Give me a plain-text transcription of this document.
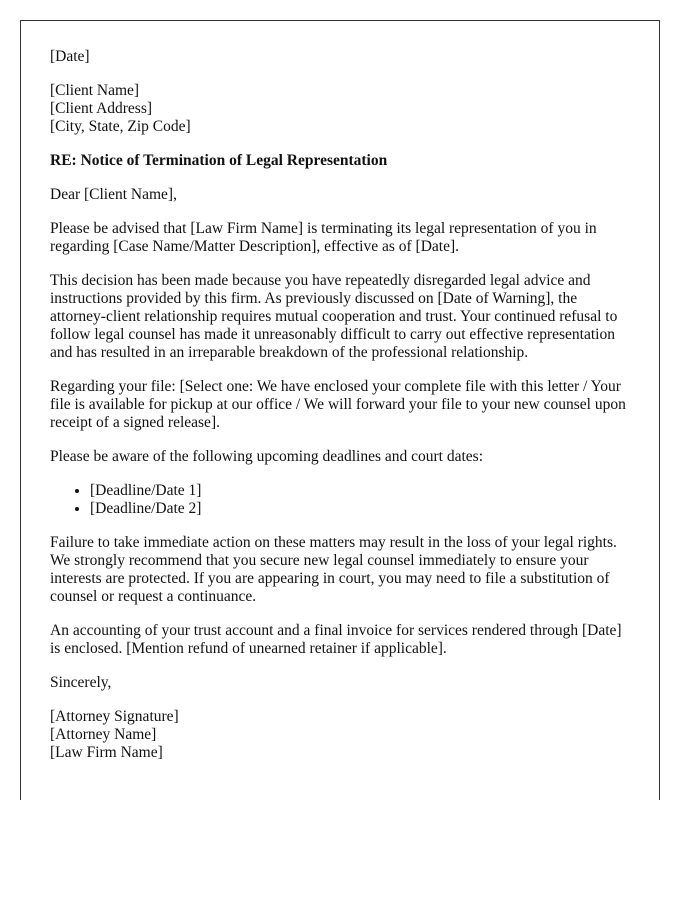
[Date]

[Client Name]
[Client Address]
[City, State, Zip Code]

RE: Notice of Termination of Legal Representation

Dear [Client Name],

Please be advised that [Law Firm Name] is terminating its legal representation of you in regarding [Case Name/Matter Description], effective as of [Date].

This decision has been made because you have repeatedly disregarded legal advice and instructions provided by this firm. As previously discussed on [Date of Warning], the attorney-client relationship requires mutual cooperation and trust. Your continued refusal to follow legal counsel has made it unreasonably difficult to carry out effective representation and has resulted in an irreparable breakdown of the professional relationship.

Regarding your file: [Select one: We have enclosed your complete file with this letter / Your file is available for pickup at our office / We will forward your file to your new counsel upon receipt of a signed release].

Please be aware of the following upcoming deadlines and court dates:

• [Deadline/Date 1]
• [Deadline/Date 2]

Failure to take immediate action on these matters may result in the loss of your legal rights. We strongly recommend that you secure new legal counsel immediately to ensure your interests are protected. If you are appearing in court, you may need to file a substitution of counsel or request a continuance.

An accounting of your trust account and a final invoice for services rendered through [Date] is enclosed. [Mention refund of unearned retainer if applicable].

Sincerely,

[Attorney Signature]
[Attorney Name]
[Law Firm Name]
